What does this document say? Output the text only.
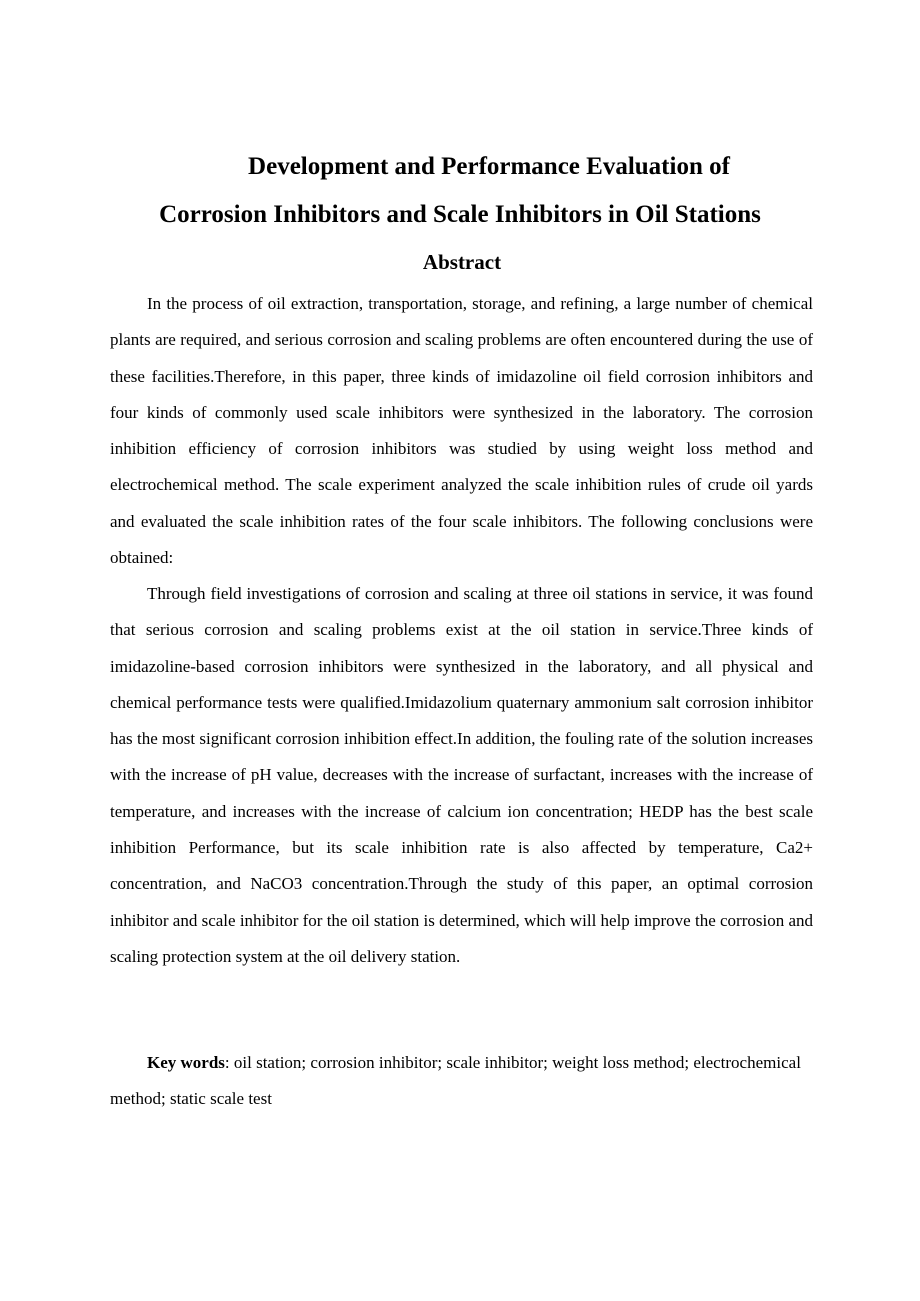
Development and Performance Evaluation of
Corrosion Inhibitors and Scale Inhibitors in Oil Stations
Abstract

In the process of oil extraction, transportation, storage, and refining, a large number of chemical plants are required, and serious corrosion and scaling problems are often encountered during the use of these facilities.Therefore, in this paper, three kinds of imidazoline oil field corrosion inhibitors and four kinds of commonly used scale inhibitors were synthesized in the laboratory. The corrosion inhibition efficiency of corrosion inhibitors was studied by using weight loss method and electrochemical method. The scale experiment analyzed the scale inhibition rules of crude oil yards and evaluated the scale inhibition rates of the four scale inhibitors. The following conclusions were obtained:

Through field investigations of corrosion and scaling at three oil stations in service, it was found that serious corrosion and scaling problems exist at the oil station in service.Three kinds of imidazoline-based corrosion inhibitors were synthesized in the laboratory, and all physical and chemical performance tests were qualified.Imidazolium quaternary ammonium salt corrosion inhibitor has the most significant corrosion inhibition effect.In addition, the fouling rate of the solution increases with the increase of pH value, decreases with the increase of surfactant, increases with the increase of temperature, and increases with the increase of calcium ion concentration; HEDP has the best scale inhibition Performance, but its scale inhibition rate is also affected by temperature, Ca2+ concentration, and NaCO3 concentration.Through the study of this paper, an optimal corrosion inhibitor and scale inhibitor for the oil station is determined, which will help improve the corrosion and scaling protection system at the oil delivery station.

Key words: oil station; corrosion inhibitor; scale inhibitor; weight loss method; electrochemical method; static scale test
